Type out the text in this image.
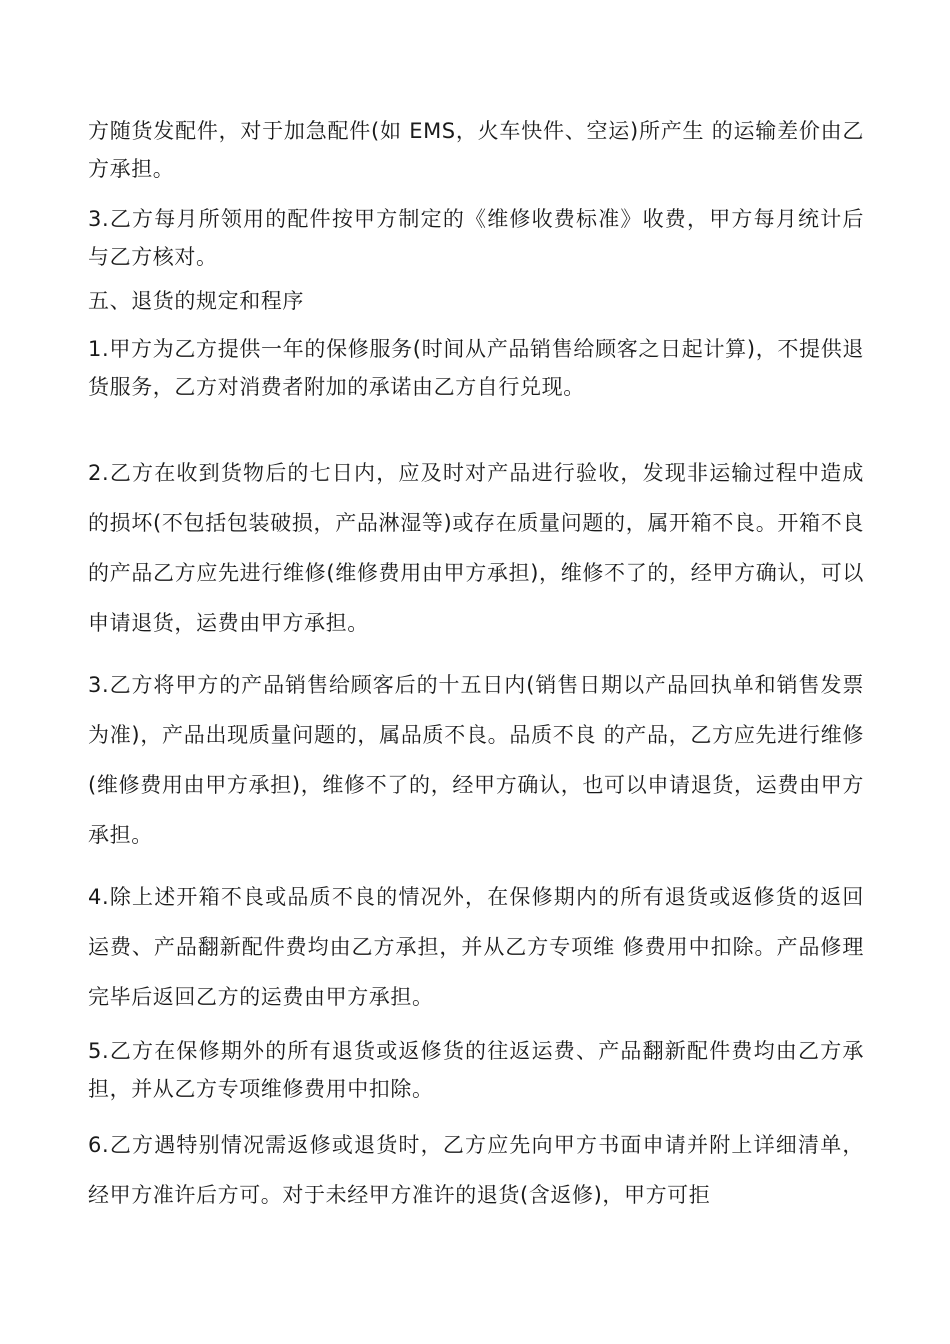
方随货发配件，对于加急配件(如 EMS，火车快件、空运)所产生 的运输差价由乙方承担。

3.乙方每月所领用的配件按甲方制定的《维修收费标准》收费，甲方每月统计后与乙方核对。

五、退货的规定和程序

1.甲方为乙方提供一年的保修服务(时间从产品销售给顾客之日起计算)，不提供退货服务，乙方对消费者附加的承诺由乙方自行兑现。

2.乙方在收到货物后的七日内，应及时对产品进行验收，发现非运输过程中造成的损坏(不包括包装破损，产品淋湿等)或存在质量问题的，属开箱不良。开箱不良的产品乙方应先进行维修(维修费用由甲方承担)，维修不了的，经甲方确认，可以申请退货，运费由甲方承担。

3.乙方将甲方的产品销售给顾客后的十五日内(销售日期以产品回执单和销售发票为准)，产品出现质量问题的，属品质不良。品质不良 的产品，乙方应先进行维修(维修费用由甲方承担)，维修不了的，经甲方确认，也可以申请退货，运费由甲方承担。

4.除上述开箱不良或品质不良的情况外，在保修期内的所有退货或返修货的返回运费、产品翻新配件费均由乙方承担，并从乙方专项维 修费用中扣除。产品修理完毕后返回乙方的运费由甲方承担。

5.乙方在保修期外的所有退货或返修货的往返运费、产品翻新配件费均由乙方承担，并从乙方专项维修费用中扣除。

6.乙方遇特别情况需返修或退货时，乙方应先向甲方书面申请并附上详细清单，经甲方准许后方可。对于未经甲方准许的退货(含返修)，甲方可拒
